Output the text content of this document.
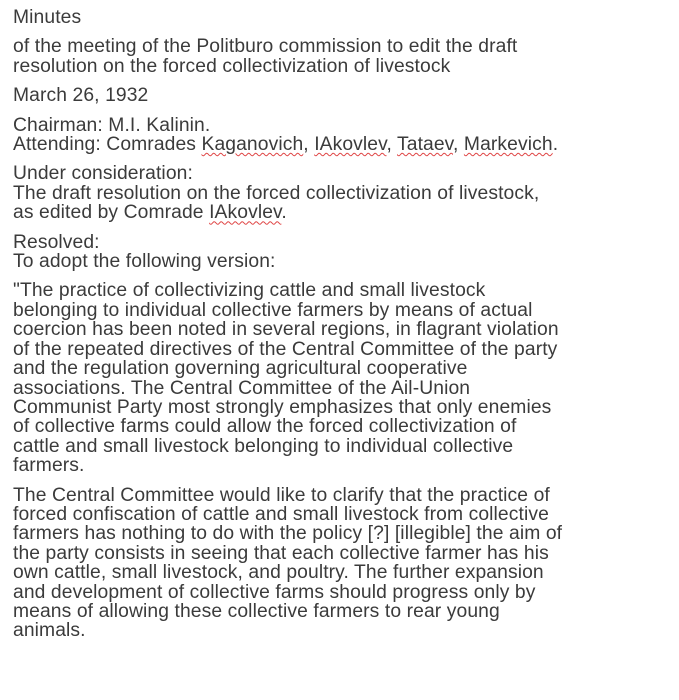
Minutes
of the meeting of the Politburo commission to edit the draft
resolution on the forced collectivization of livestock
March 26, 1932
Chairman: M.I. Kalinin.
Attending: Comrades Kaganovich, IAkovlev, Tataev, Markevich.
Under consideration:
The draft resolution on the forced collectivization of livestock,
as edited by Comrade IAkovlev.
Resolved:
To adopt the following version:
"The practice of collectivizing cattle and small livestock
belonging to individual collective farmers by means of actual
coercion has been noted in several regions, in flagrant violation
of the repeated directives of the Central Committee of the party
and the regulation governing agricultural cooperative
associations. The Central Committee of the Ail-Union
Communist Party most strongly emphasizes that only enemies
of collective farms could allow the forced collectivization of
cattle and small livestock belonging to individual collective
farmers.
The Central Committee would like to clarify that the practice of
forced confiscation of cattle and small livestock from collective
farmers has nothing to do with the policy [?] [illegible] the aim of
the party consists in seeing that each collective farmer has his
own cattle, small livestock, and poultry. The further expansion
and development of collective farms should progress only by
means of allowing these collective farmers to rear young
animals.
